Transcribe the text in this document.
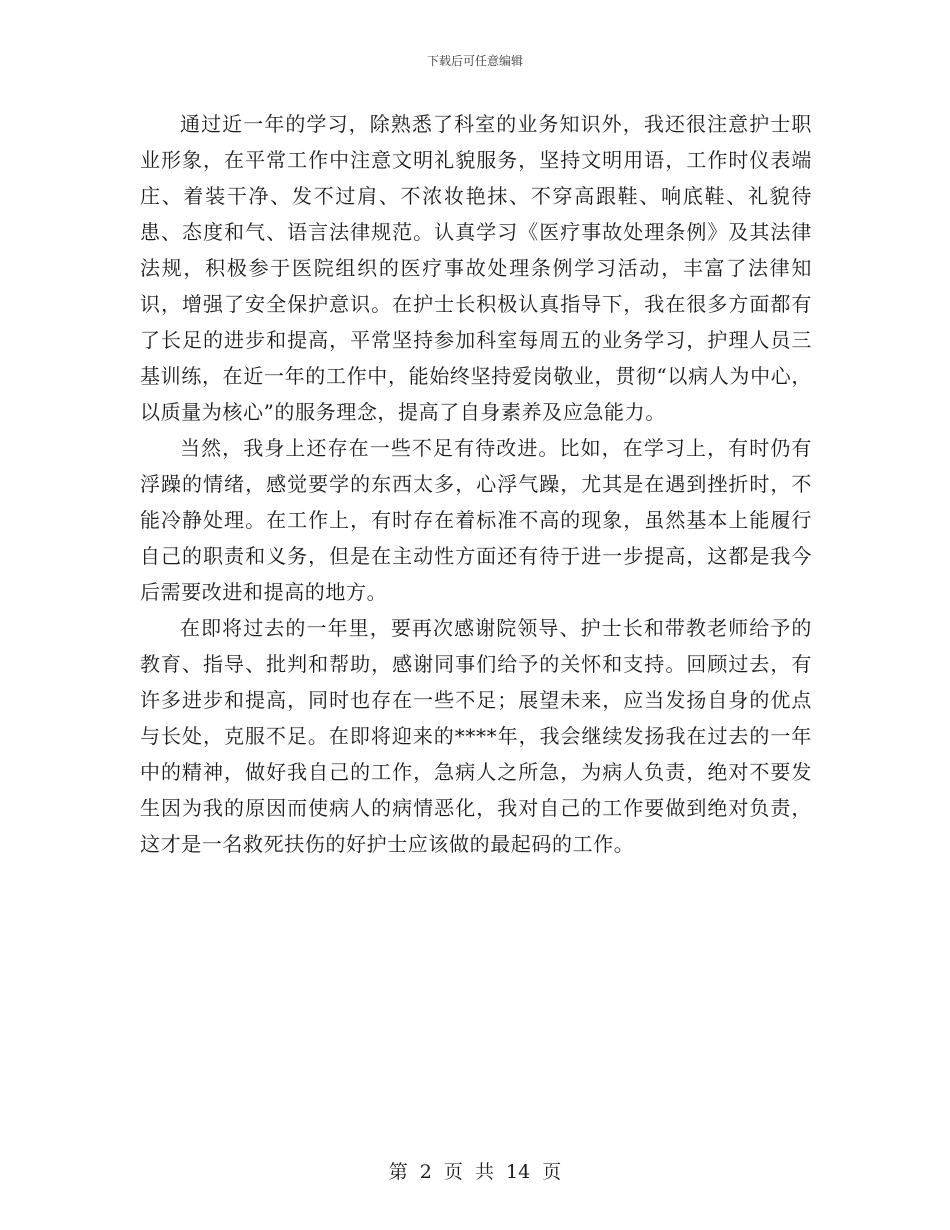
下载后可任意编辑

通过近一年的学习，除熟悉了科室的业务知识外，我还很注意护士职业形象，在平常工作中注意文明礼貌服务，坚持文明用语，工作时仪表端庄、着装干净、发不过肩、不浓妆艳抹、不穿高跟鞋、响底鞋、礼貌待患、态度和气、语言法律规范。认真学习《医疗事故处理条例》及其法律法规，积极参于医院组织的医疗事故处理条例学习活动，丰富了法律知识，增强了安全保护意识。在护士长积极认真指导下，我在很多方面都有了长足的进步和提高，平常坚持参加科室每周五的业务学习，护理人员三基训练，在近一年的工作中，能始终坚持爱岗敬业，贯彻“以病人为中心，以质量为核心”的服务理念，提高了自身素养及应急能力。

当然，我身上还存在一些不足有待改进。比如，在学习上，有时仍有浮躁的情绪，感觉要学的东西太多，心浮气躁，尤其是在遇到挫折时，不能冷静处理。在工作上，有时存在着标准不高的现象，虽然基本上能履行自己的职责和义务，但是在主动性方面还有待于进一步提高，这都是我今后需要改进和提高的地方。

在即将过去的一年里，要再次感谢院领导、护士长和带教老师给予的教育、指导、批判和帮助，感谢同事们给予的关怀和支持。回顾过去，有许多进步和提高，同时也存在一些不足；展望未来，应当发扬自身的优点与长处，克服不足。在即将迎来的****年，我会继续发扬我在过去的一年中的精神，做好我自己的工作，急病人之所急，为病人负责，绝对不要发生因为我的原因而使病人的病情恶化，我对自己的工作要做到绝对负责，这才是一名救死扶伤的好护士应该做的最起码的工作。

第 2 页 共 14 页
